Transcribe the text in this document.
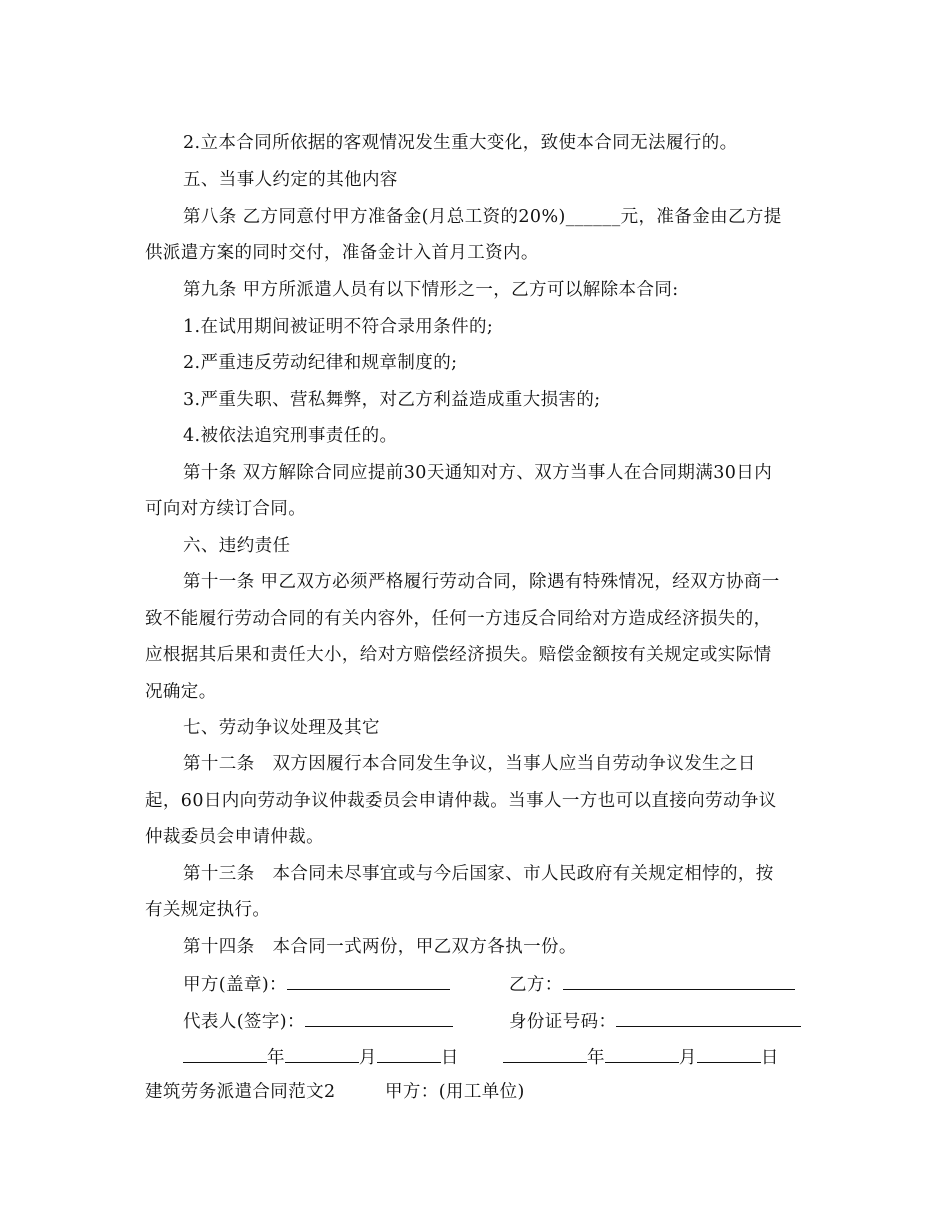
2.立本合同所依据的客观情况发生重大变化，致使本合同无法履行的。
五、当事人约定的其他内容
第八条 乙方同意付甲方准备金(月总工资的20%)______元，准备金由乙方提
供派遣方案的同时交付，准备金计入首月工资内。
第九条 甲方所派遣人员有以下情形之一，乙方可以解除本合同:
1.在试用期间被证明不符合录用条件的;
2.严重违反劳动纪律和规章制度的;
3.严重失职、营私舞弊，对乙方利益造成重大损害的;
4.被依法追究刑事责任的。
第十条 双方解除合同应提前30天通知对方、双方当事人在合同期满30日内
可向对方续订合同。
六、违约责任
第十一条 甲乙双方必须严格履行劳动合同，除遇有特殊情况，经双方协商一
致不能履行劳动合同的有关内容外，任何一方违反合同给对方造成经济损失的，
应根据其后果和责任大小，给对方赔偿经济损失。赔偿金额按有关规定或实际情
况确定。
七、劳动争议处理及其它
第十二条　双方因履行本合同发生争议，当事人应当自劳动争议发生之日
起，60日内向劳动争议仲裁委员会申请仲裁。当事人一方也可以直接向劳动争议
仲裁委员会申请仲裁。
第十三条　本合同未尽事宜或与今后国家、市人民政府有关规定相悖的，按
有关规定执行。
第十四条　本合同一式两份，甲乙双方各执一份。
甲方(盖章)：	乙方：
代表人(签字)：	身份证号码：
年	月	日	年	月	日
建筑劳务派遣合同范文2	甲方：(用工单位)
